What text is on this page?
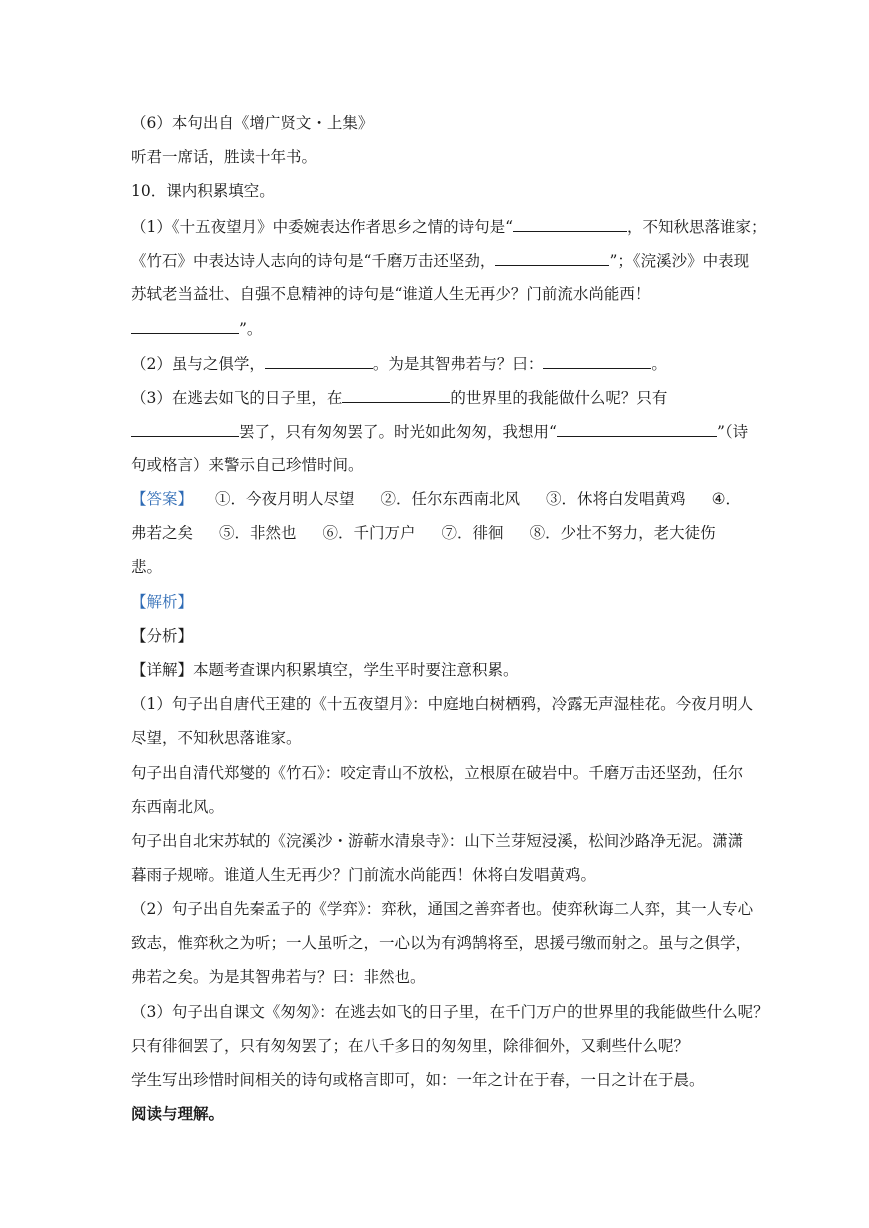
（6）本句出自《增广贤文・上集》
听君一席话，胜读十年书。
10．课内积累填空。
（1）《十五夜望月》中委婉表达作者思乡之情的诗句是“	，不知秋思落谁家；
《竹石》中表达诗人志向的诗句是“千磨万击还坚劲，	”；《浣溪沙》中表现
苏轼老当益壮、自强不息精神的诗句是“谁道人生无再少？门前流水尚能西！
”。
（2）虽与之俱学，	。为是其智弗若与？曰：	。
（3）在逃去如飞的日子里，在	的世界里的我能做什么呢？只有
罢了，只有匆匆罢了。时光如此匆匆，我想用“	”（诗
句或格言）来警示自己珍惜时间。
【答案】 ①．今夜月明人尽望 ②．任尔东西南北风 ③．休将白发唱黄鸡 ④．
弗若之矣 ⑤．非然也 ⑥．千门万户 ⑦．徘徊 ⑧．少壮不努力，老大徒伤
悲。
【解析】
【分析】
【详解】本题考查课内积累填空，学生平时要注意积累。
（1）句子出自唐代王建的《十五夜望月》：中庭地白树栖鸦，冷露无声湿桂花。今夜月明人
尽望，不知秋思落谁家。
句子出自清代郑燮的《竹石》：咬定青山不放松，立根原在破岩中。千磨万击还坚劲，任尔
东西南北风。
句子出自北宋苏轼的《浣溪沙・游蕲水清泉寺》：山下兰芽短浸溪，松间沙路净无泥。潇潇
暮雨子规啼。谁道人生无再少？门前流水尚能西！休将白发唱黄鸡。
（2）句子出自先秦孟子的《学弈》：弈秋，通国之善弈者也。使弈秋诲二人弈，其一人专心
致志，惟弈秋之为听；一人虽听之，一心以为有鸿鹄将至，思援弓缴而射之。虽与之俱学，
弗若之矣。为是其智弗若与？曰：非然也。
（3）句子出自课文《匆匆》：在逃去如飞的日子里，在千门万户的世界里的我能做些什么呢？
只有徘徊罢了，只有匆匆罢了；在八千多日的匆匆里，除徘徊外，又剩些什么呢？
学生写出珍惜时间相关的诗句或格言即可，如：一年之计在于春，一日之计在于晨。
阅读与理解。
